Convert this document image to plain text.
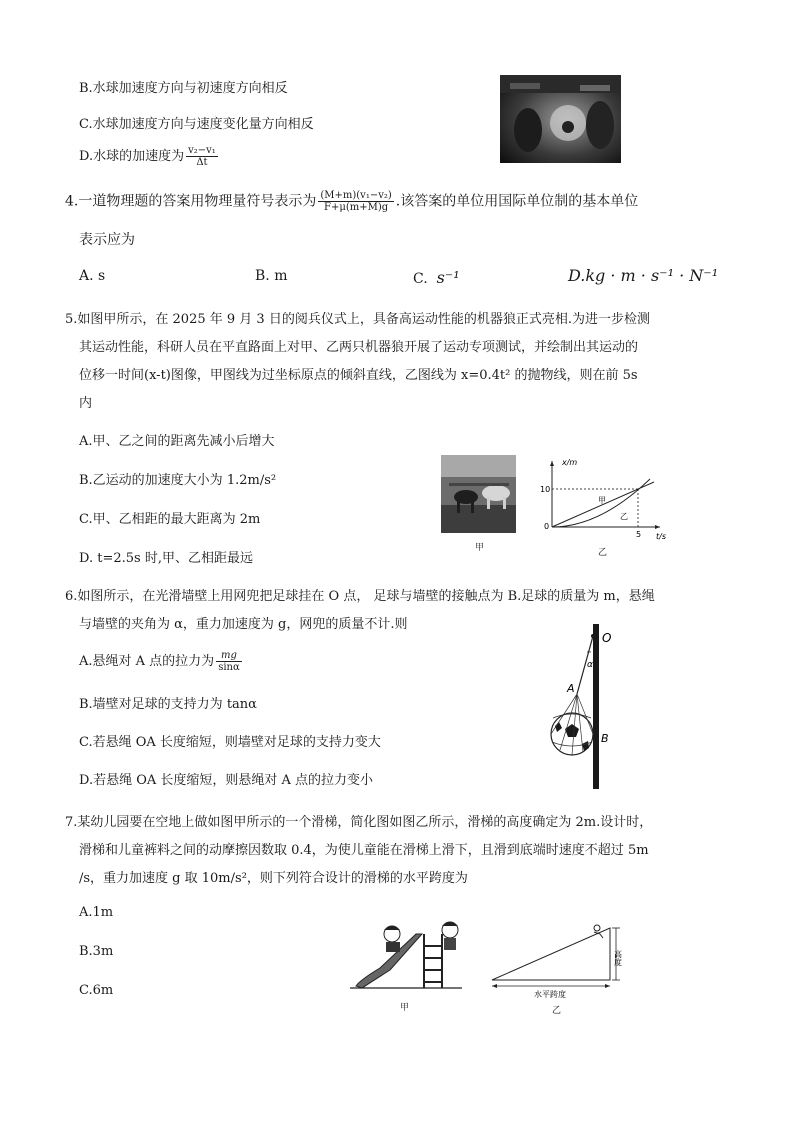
B.水球加速度方向与初速度方向相反
C.水球加速度方向与速度变化量方向相反
D.水球的加速度为 $\frac{\text{v₂−v₁}}{\Delta t}$
4.一道物理题的答案用物理量符号表示为 $\frac{\text{(M+m)(v₁−v₂)}}{F+\mu(m+M)g}$ .该答案的单位用国际单位制的基本单位
表示应为
A. s	B. m	C. s⁻¹	D.kg · m · s⁻¹ · N⁻¹
5.如图甲所示，在 2025 年 9 月 3 日的阅兵仪式上，具备高运动性能的机器狼正式亮相.为进一步检测
其运动性能，科研人员在平直路面上对甲、乙两只机器狼开展了运动专项测试，并绘制出其运动的
位移一时间(x-t)图像，甲图线为过坐标原点的倾斜直线，乙图线为 x=0.4t² 的抛物线，则在前 5s
内
A.甲、乙之间的距离先减小后增大
B.乙运动的加速度大小为 1.2m/s²
C.甲、乙相距的最大距离为 2m
D. t=2.5s 时,甲、乙相距最远
甲
x/m
t/s
0
10
5
甲
乙
乙
6.如图所示，在光滑墙壁上用网兜把足球挂在 O 点， 足球与墙壁的接触点为 B.足球的质量为 m，悬绳
与墙壁的夹角为 α，重力加速度为 g，网兜的质量不计.则
A.悬绳对 A 点的拉力为 $\frac{mg}{\sin\alpha}$
B.墙壁对足球的支持力为 tanα
C.若悬绳 OA 长度缩短，则墙壁对足球的支持力变大
D.若悬绳 OA 长度缩短，则悬绳对 A 点的拉力变小
O
A
B
α
7.某幼儿园要在空地上做如图甲所示的一个滑梯，简化图如图乙所示，滑梯的高度确定为 2m.设计时，
滑梯和儿童裤料之间的动摩擦因数取 0.4，为使儿童能在滑梯上滑下，且滑到底端时速度不超过 5m
/s，重力加速度 g 取 10m/s²，则下列符合设计的滑梯的水平跨度为
A.1m
B.3m
C.6m
甲
高度
水平跨度
乙
